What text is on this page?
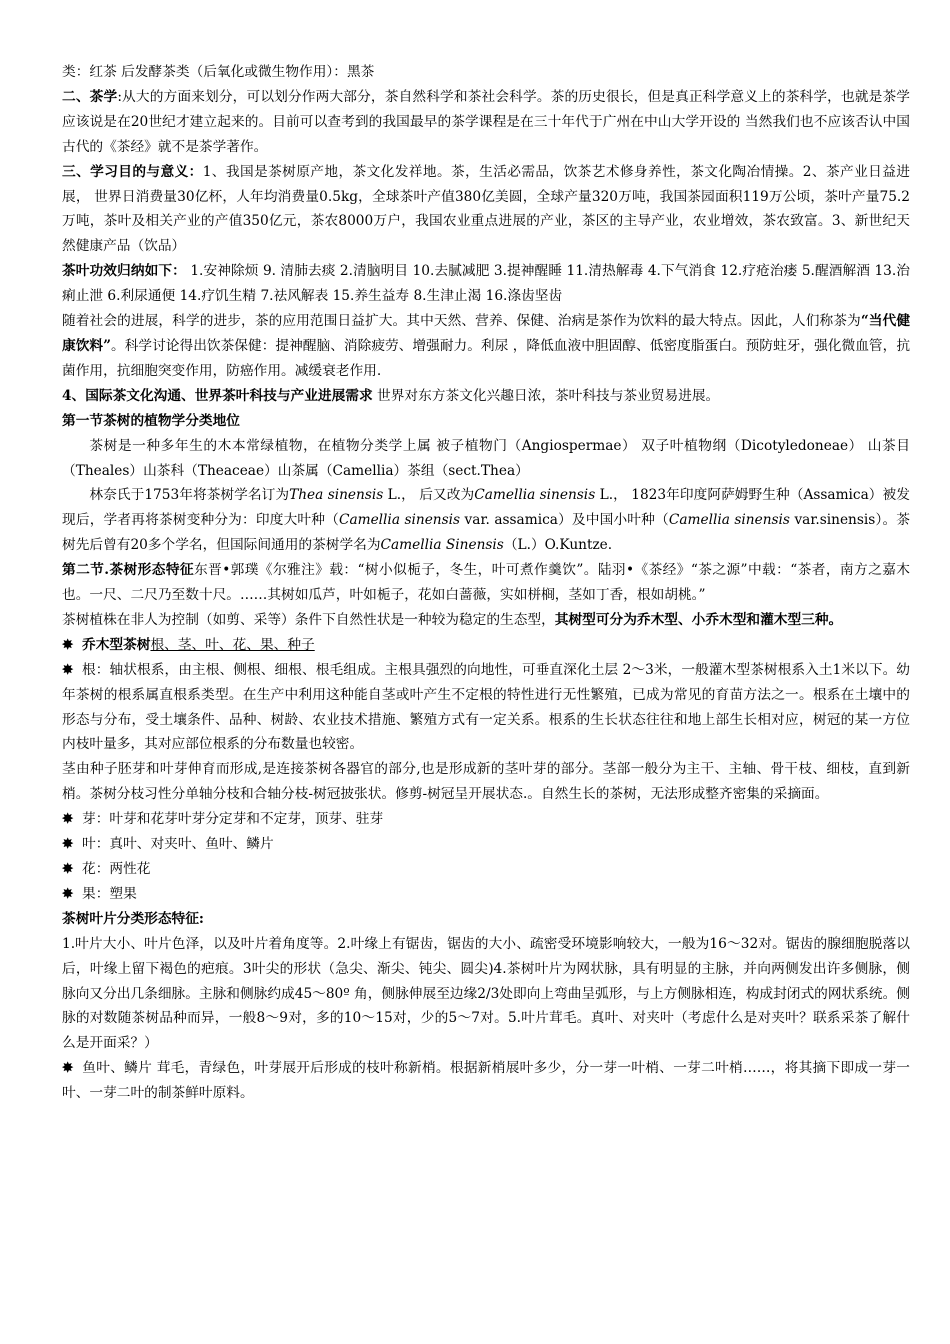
类：红茶 后发酵茶类（后氧化或微生物作用）：黑茶

二、茶学:从大的方面来划分，可以划分作两大部分，茶自然科学和茶社会科学。茶的历史很长，但是真正科学意义上的茶科学，也就是茶学应该说是在20世纪才建立起来的。目前可以查考到的我国最早的茶学课程是在三十年代于广州在中山大学开设的 当然我们也不应该否认中国古代的《茶经》就不是茶学著作。

三、学习目的与意义：1、我国是茶树原产地，茶文化发祥地。茶，生活必需品，饮茶艺术修身养性，茶文化陶冶情操。2、茶产业日益进展， 世界日消费量30亿杯，人年均消费量0.5kg，全球茶叶产值380亿美圆，全球产量320万吨，我国茶园面积119万公顷，茶叶产量75.2万吨，茶叶及相关产业的产值350亿元，茶农8000万户，我国农业重点进展的产业，茶区的主导产业，农业增效，茶农致富。3、新世纪天然健康产品（饮品）

茶叶功效归纳如下： 1.安神除烦 9. 清肺去痰 2.清脑明目 10.去腻减肥 3.提神醒睡 11.清热解毒 4.下气消食 12.疗疮治瘘 5.醒酒解酒 13.治痢止泄 6.利尿通便 14.疗饥生精 7.祛风解表 15.养生益寿 8.生津止渴 16.涤齿坚齿

随着社会的进展，科学的进步，茶的应用范围日益扩大。其中天然、营养、保健、治病是茶作为饮料的最大特点。因此，人们称茶为“当代健康饮料”。科学讨论得出饮茶保健：提神醒脑、消除疲劳、增强耐力。利尿 ，降低血液中胆固醇、低密度脂蛋白。预防蛀牙，强化微血管，抗菌作用，抗细胞突变作用，防癌作用。减缓衰老作用.

4、国际茶文化沟通、世界茶叶科技与产业进展需求 世界对东方茶文化兴趣日浓，茶叶科技与茶业贸易进展。

第一节茶树的植物学分类地位

茶树是一种多年生的木本常绿植物，在植物分类学上属 被子植物门（Angiospermae） 双子叶植物纲（Dicotyledoneae） 山茶目（Theales）山茶科（Theaceae）山茶属（Camellia）茶组（sect.Thea）

林奈氏于1753年将茶树学名订为Thea sinensis L.， 后又改为Camellia sinensis L.， 1823年印度阿萨姆野生种（Assamica）被发现后，学者再将茶树变种分为：印度大叶种（Camellia sinensis var. assamica）及中国小叶种（Camellia sinensis var.sinensis）。茶树先后曾有20多个学名，但国际间通用的茶树学名为Camellia Sinensis（L.）O.Kuntze.

第二节.茶树形态特征东晋•郭璞《尔雅注》载：“树小似栀子，冬生，叶可煮作羹饮”。陆羽•《茶经》“茶之源”中载：“茶者，南方之嘉木也。一尺、二尺乃至数十尺。……其树如瓜芦，叶如栀子，花如白蔷薇，实如栟榈，茎如丁香，根如胡桃。”

茶树植株在非人为控制（如剪、采等）条件下自然性状是一种较为稳定的生态型，其树型可分为乔木型、小乔木型和灌木型三种。

✸ 乔木型茶树根、茎、叶、花、果、种子

✸ 根：轴状根系，由主根、侧根、细根、根毛组成。主根具强烈的向地性，可垂直深化土层 2～3米，一般灌木型茶树根系入土1米以下。幼年茶树的根系属直根系类型。在生产中利用这种能自茎或叶产生不定根的特性进行无性繁殖，已成为常见的育苗方法之一。根系在土壤中的形态与分布，受土壤条件、品种、树龄、农业技术措施、繁殖方式有一定关系。根系的生长状态往往和地上部生长相对应，树冠的某一方位内枝叶量多，其对应部位根系的分布数量也较密。

茎由种子胚芽和叶芽伸育而形成,是连接茶树各器官的部分,也是形成新的茎叶芽的部分。茎部一般分为主干、主轴、骨干枝、细枝，直到新梢。茶树分枝习性分单轴分枝和合轴分枝-树冠披张状。修剪-树冠呈开展状态.。自然生长的茶树，无法形成整齐密集的采摘面。

✸ 芽：叶芽和花芽叶芽分定芽和不定芽，顶芽、驻芽

✸ 叶：真叶、对夹叶、鱼叶、鳞片

✸ 花：两性花

✸ 果：塑果

茶树叶片分类形态特征:

1.叶片大小、叶片色泽，以及叶片着角度等。2.叶缘上有锯齿，锯齿的大小、疏密受环境影响较大，一般为16～32对。锯齿的腺细胞脱落以后，叶缘上留下褐色的疤痕。3叶尖的形状（急尖、渐尖、钝尖、圆尖)4.茶树叶片为网状脉，具有明显的主脉，并向两侧发出许多侧脉，侧脉向又分出几条细脉。主脉和侧脉约成45～80º 角，侧脉伸展至边缘2/3处即向上弯曲呈弧形，与上方侧脉相连，构成封闭式的网状系统。侧脉的对数随茶树品种而异，一般8～9对，多的10～15对，少的5～7对。5.叶片茸毛。真叶、对夹叶（考虑什么是对夹叶？联系采茶了解什么是开面采？）

✸ 鱼叶、鳞片 茸毛，青绿色，叶芽展开后形成的枝叶称新梢。根据新梢展叶多少，分一芽一叶梢、一芽二叶梢……，将其摘下即成一芽一叶、一芽二叶的制茶鲜叶原料。
